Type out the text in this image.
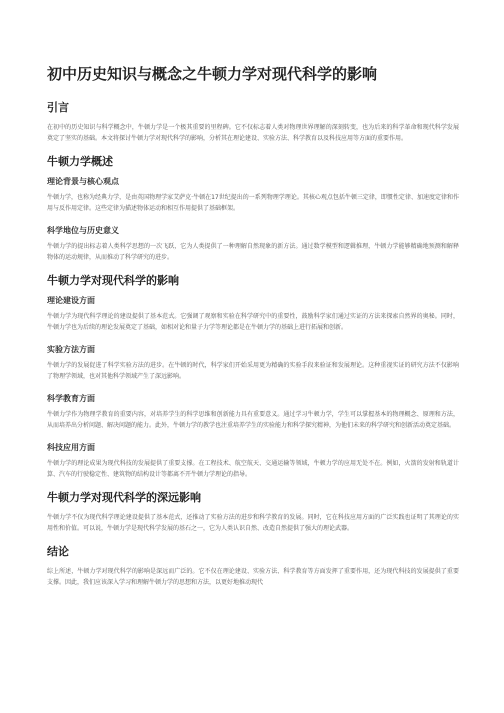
初中历史知识与概念之牛顿力学对现代科学的影响
引言
在初中的历史知识与科学概念中，牛顿力学是一个极其重要的里程碑。它不仅标志着人类对物理世界理解的深刻转变，也为后来的科学革命和现代科学发展奠定了坚实的基础。本文将探讨牛顿力学对现代科学的影响，分析其在理论建设、实验方法、科学教育以及科技应用等方面的重要作用。
牛顿力学概述
理论背景与核心观点
牛顿力学，也称为经典力学，是由英国物理学家艾萨克·牛顿在17世纪提出的一系列物理学理论。其核心观点包括牛顿三定律，即惯性定律、加速度定律和作用与反作用定律。这些定律为描述物体运动和相互作用提供了基础框架。
科学地位与历史意义
牛顿力学的提出标志着人类科学思想的一次飞跃，它为人类提供了一种理解自然现象的新方法。通过数学模型和逻辑推理，牛顿力学能够精确地预测和解释物体的运动规律，从而推动了科学研究的进步。
牛顿力学对现代科学的影响
理论建设方面
牛顿力学为现代科学理论的建设提供了基本范式。它强调了观察和实验在科学研究中的重要性，鼓励科学家们通过实证的方法来探索自然界的奥秘。同时，牛顿力学也为后续的理论发展奠定了基础，如相对论和量子力学等理论都是在牛顿力学的基础上进行拓展和创新。
实验方法方面
牛顿力学的发展促进了科学实验方法的进步。在牛顿的时代，科学家们开始采用更为精确的实验手段来验证和发展理论。这种重视实证的研究方法不仅影响了物理学领域，也对其他科学领域产生了深远影响。
科学教育方面
牛顿力学作为物理学教育的重要内容，对培养学生的科学思维和创新能力具有重要意义。通过学习牛顿力学，学生可以掌握基本的物理概念、原理和方法，从而培养出分析问题、解决问题的能力。此外，牛顿力学的教学也注重培养学生的实验能力和科学探究精神，为他们未来的科学研究和创新活动奠定基础。
科技应用方面
牛顿力学的理论成果为现代科技的发展提供了重要支撑。在工程技术、航空航天、交通运输等领域，牛顿力学的应用无处不在。例如，火箭的发射和轨道计算、汽车的行驶稳定性、建筑物的结构设计等都离不开牛顿力学理论的指导。
牛顿力学对现代科学的深远影响
牛顿力学不仅为现代科学理论建设提供了基本范式，还推动了实验方法的进步和科学教育的发展。同时，它在科技应用方面的广泛实践也证明了其理论的实用性和价值。可以说，牛顿力学是现代科学发展的基石之一，它为人类认识自然、改造自然提供了强大的理论武器。
结论
综上所述，牛顿力学对现代科学的影响是深远而广泛的。它不仅在理论建设、实验方法、科学教育等方面发挥了重要作用，还为现代科技的发展提供了重要支撑。因此，我们应该深入学习和理解牛顿力学的思想和方法，以更好地推动现代
